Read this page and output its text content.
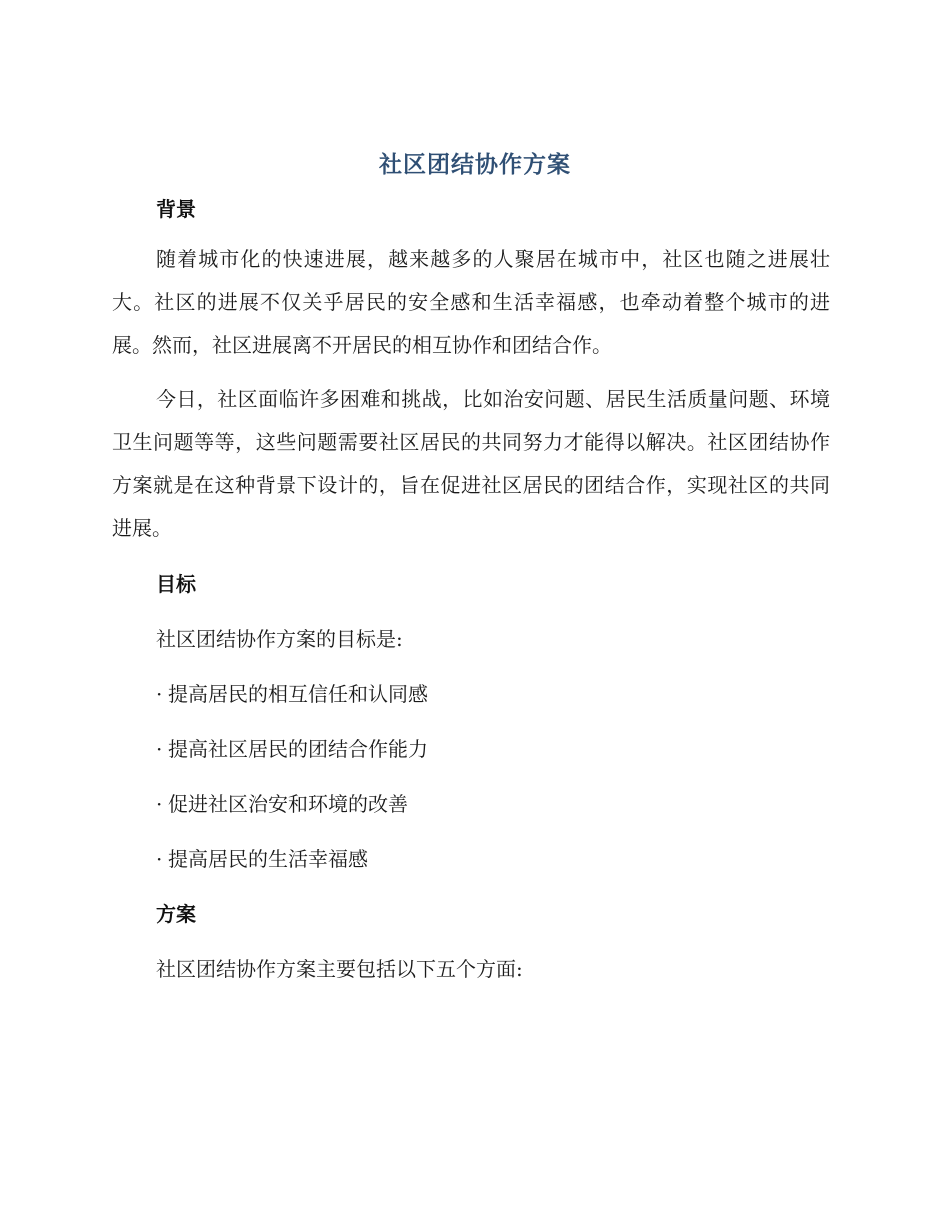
社区团结协作方案
背景

随着城市化的快速进展，越来越多的人聚居在城市中，社区也随之进展壮大。社区的进展不仅关乎居民的安全感和生活幸福感，也牵动着整个城市的进展。然而，社区进展离不开居民的相互协作和团结合作。

今日，社区面临许多困难和挑战，比如治安问题、居民生活质量问题、环境卫生问题等等，这些问题需要社区居民的共同努力才能得以解决。社区团结协作方案就是在这种背景下设计的，旨在促进社区居民的团结合作，实现社区的共同进展。

目标

社区团结协作方案的目标是:

· 提高居民的相互信任和认同感

· 提高社区居民的团结合作能力

· 促进社区治安和环境的改善

· 提高居民的生活幸福感

方案

社区团结协作方案主要包括以下五个方面:
